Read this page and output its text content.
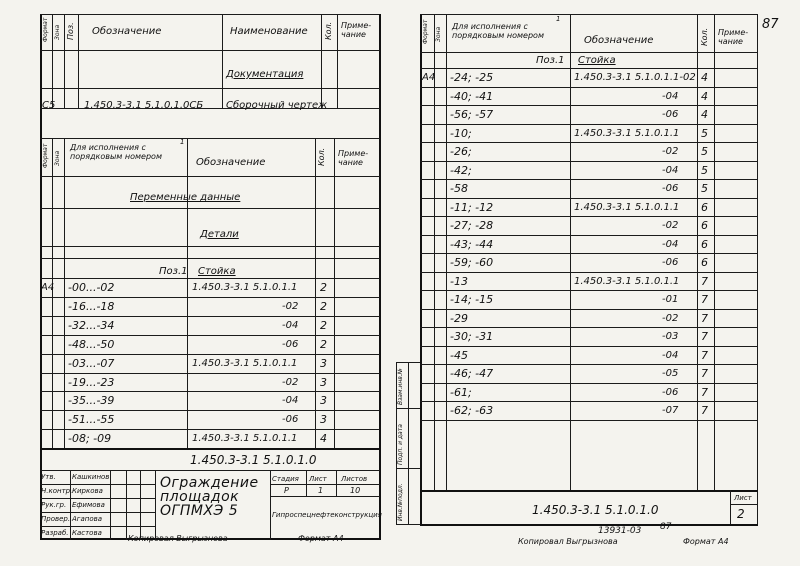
87
Формат Зона Поз. Обозначение	Наименование Кол. Приме-
чание
Документация
С5	1.450.3-3.1 5.1.0.1.0СБ Сборочный чертеж
Формат Зона
Для исполнения с
порядковым номером
1
Обозначение	Кол. Приме-
чание
Переменные данные
Детали
Поз.1 Стойка
А4 -00...-02	1.450.3-3.1 5.1.0.1.1 2
-16...-18	-02 2
-32...-34	-04 2
-48...-50	-06 2
-03...-07	1.450.3-3.1 5.1.0.1.1 3
-19...-23	-02 3
-35...-39	-04 3
-51...-55	-06 3
-08; -09	1.450.3-3.1 5.1.0.1.1 4
1.450.3-3.1 5.1.0.1.0
Утв. Кашкинов
Н.контр. Киркова
Рук.гр. Ефимова
Провер. Агапова
Разраб. Кастова
Ограждение
площадок
ОГПМХЭ 5
Стадия Лист Листов
Р	1	10
Гипроспецнефтеконструкция
Копировал Выгрызнова	Формат А4
Инв.№подл.
Подп. и дата
Взам.инв.№
Формат Зона
Для исполнения с
порядковым номером
1
Обозначение	Кол. Приме-
чание
Поз.1 Стойка
А4 -24; -25	1.450.3-3.1 5.1.0.1.1-02 4
-40; -41	-04 4
-56; -57	-06 4
-10;	1.450.3-3.1 5.1.0.1.1 5
-26;	-02 5
-42;	-04 5
-58	-06 5
-11; -12	1.450.3-3.1 5.1.0.1.1 6
-27; -28	-02 6
-43; -44	-04 6
-59; -60	-06 6
-13	1.450.3-3.1 5.1.0.1.1 7
-14; -15	-01 7
-29	-02 7
-30; -31	-03 7
-45	-04 7
-46; -47	-05 7
-61;	-06 7
-62; -63	-07 7
1.450.3-3.1 5.1.0.1.0
Лист
2
13931-03 87
Копировал Выгрызнова	Формат А4
